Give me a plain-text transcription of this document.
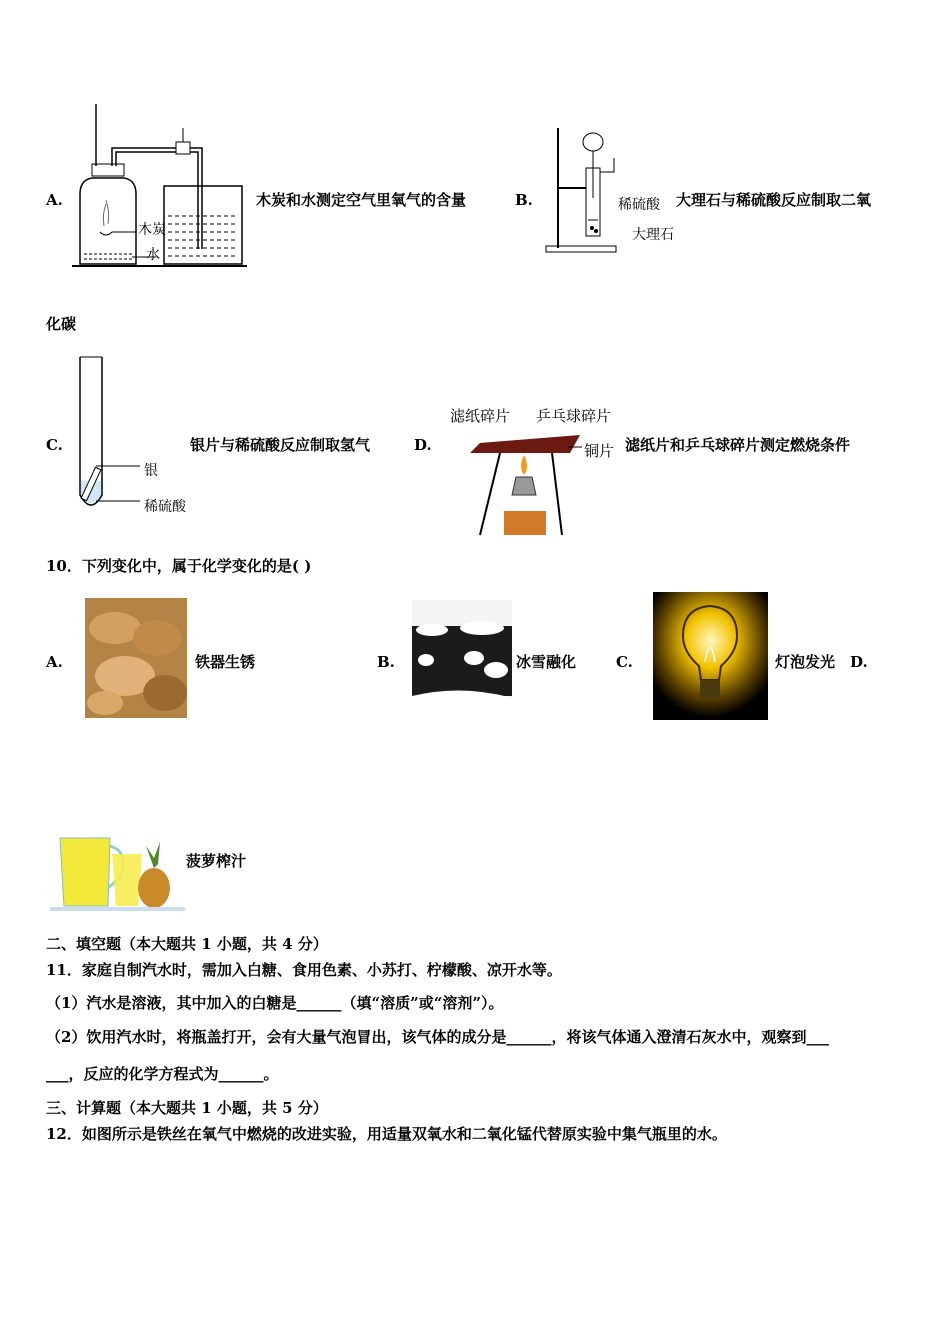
A.
木炭
水
木炭和水测定空气里氧气的含量	B.	稀硫酸
大理石
大理石与稀硫酸反应制取二氧
化碳
C.
银
稀硫酸
银片与稀硫酸反应制取氢气	D.
滤纸碎片 乒乓球碎片
铜片 滤纸片和乒乓球碎片测定燃烧条件
10．下列变化中，属于化学变化的是( )
A.	铁器生锈	B.	冰雪融化	C.	灯泡发光 D.
菠萝榨汁
二、填空题（本大题共 1 小题，共 4 分）
11．家庭自制汽水时，需加入白糖、食用色素、小苏打、柠檬酸、凉开水等。
（1）汽水是溶液，其中加入的白糖是______（填“溶质”或“溶剂”）。
（2）饮用汽水时，将瓶盖打开，会有大量气泡冒出，该气体的成分是______，将该气体通入澄清石灰水中，观察到___
___，反应的化学方程式为______。
三、计算题（本大题共 1 小题，共 5 分）
12．如图所示是铁丝在氧气中燃烧的改进实验，用适量双氧水和二氧化锰代替原实验中集气瓶里的水。
